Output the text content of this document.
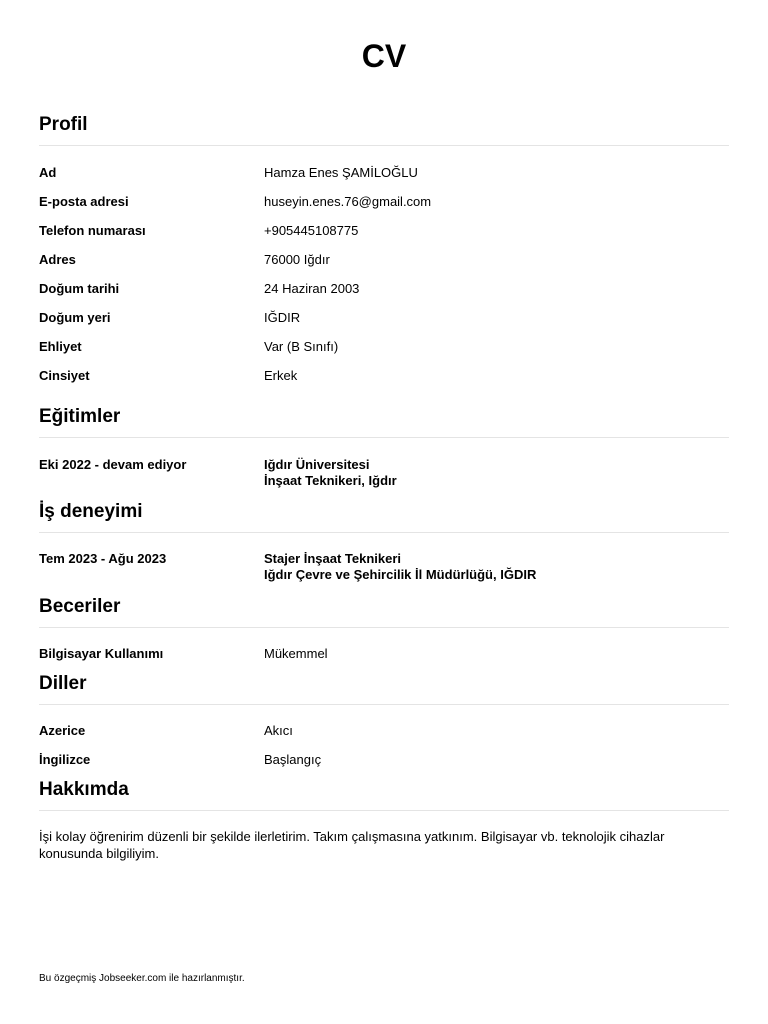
CV
Profil
Ad	Hamza Enes ŞAMİLOĞLU
E-posta adresi	huseyin.enes.76@gmail.com
Telefon numarası	+905445108775
Adres	76000 Iğdır
Doğum tarihi	24 Haziran 2003
Doğum yeri	IĞDIR
Ehliyet	Var (B Sınıfı)
Cinsiyet	Erkek
Eğitimler
Eki 2022 - devam ediyor	Iğdır Üniversitesi
İnşaat Teknikeri, Iğdır
İş deneyimi
Tem 2023 - Ağu 2023	Stajer İnşaat Teknikeri
Iğdır Çevre ve Şehircilik İl Müdürlüğü, IĞDIR
Beceriler
Bilgisayar Kullanımı	Mükemmel
Diller
Azerice	Akıcı
İngilizce	Başlangıç
Hakkımda
İşi kolay öğrenirim düzenli bir şekilde ilerletirim. Takım çalışmasına yatkınım. Bilgisayar vb. teknolojik cihazlar konusunda bilgiliyim.
Bu özgeçmiş Jobseeker.com ile hazırlanmıştır.
